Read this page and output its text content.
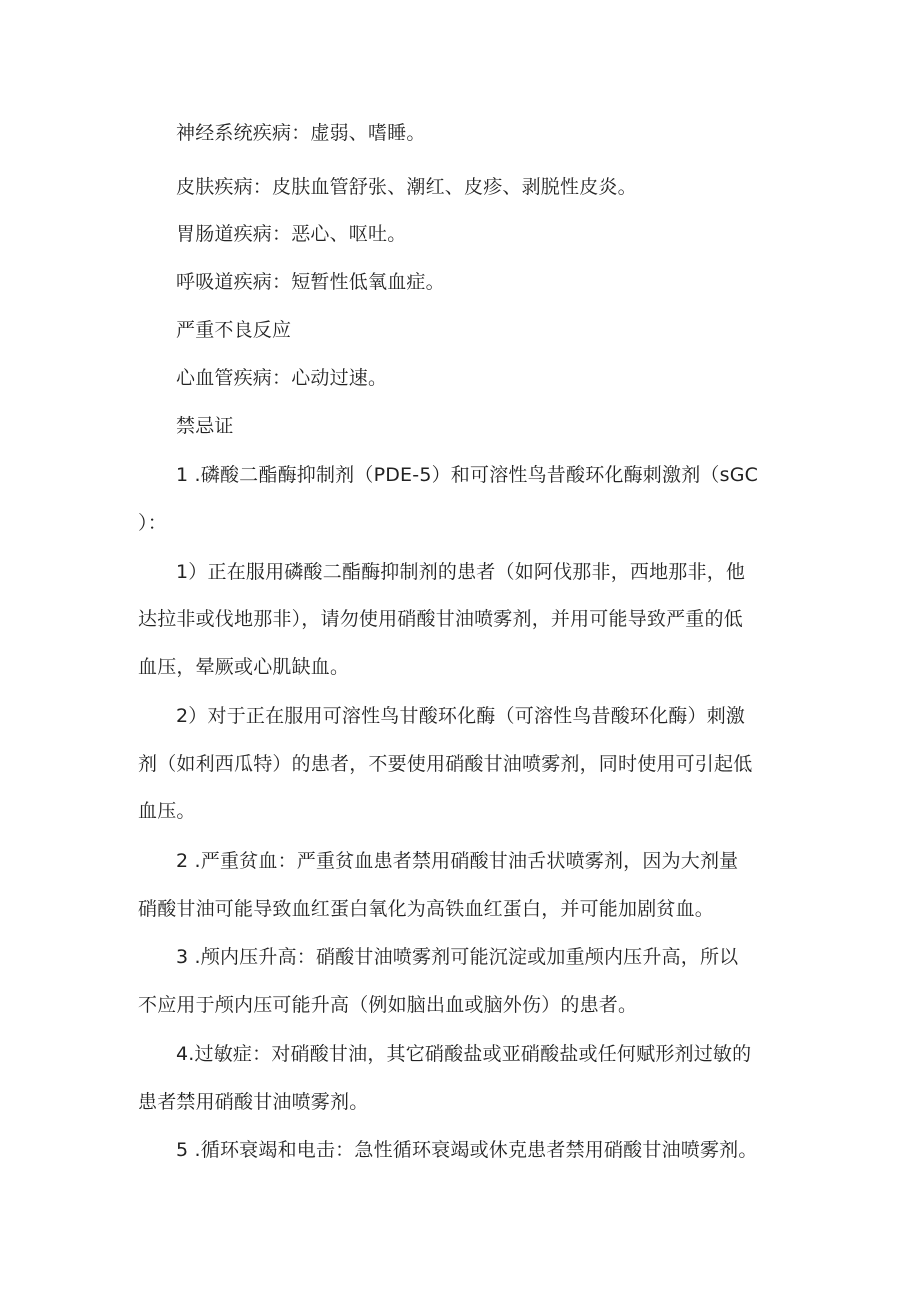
神经系统疾病：虚弱、嗜睡。
皮肤疾病：皮肤血管舒张、潮红、皮疹、剥脱性皮炎。
胃肠道疾病：恶心、呕吐。
呼吸道疾病：短暂性低氧血症。
严重不良反应
心血管疾病：心动过速。
禁忌证
1 .磷酸二酯酶抑制剂（PDE-5）和可溶性鸟昔酸环化酶刺激剂（sGC
）：
1）正在服用磷酸二酯酶抑制剂的患者（如阿伐那非，西地那非，他
达拉非或伐地那非），请勿使用硝酸甘油喷雾剂，并用可能导致严重的低
血压，晕厥或心肌缺血。
2）对于正在服用可溶性鸟甘酸环化酶（可溶性鸟昔酸环化酶）刺激
剂（如利西瓜特）的患者，不要使用硝酸甘油喷雾剂，同时使用可引起低
血压。
2 .严重贫血：严重贫血患者禁用硝酸甘油舌状喷雾剂，因为大剂量
硝酸甘油可能导致血红蛋白氧化为高铁血红蛋白，并可能加剧贫血。
3 .颅内压升高：硝酸甘油喷雾剂可能沉淀或加重颅内压升高，所以
不应用于颅内压可能升高（例如脑出血或脑外伤）的患者。
4.过敏症：对硝酸甘油，其它硝酸盐或亚硝酸盐或任何赋形剂过敏的
患者禁用硝酸甘油喷雾剂。
5 .循环衰竭和电击：急性循环衰竭或休克患者禁用硝酸甘油喷雾剂。
